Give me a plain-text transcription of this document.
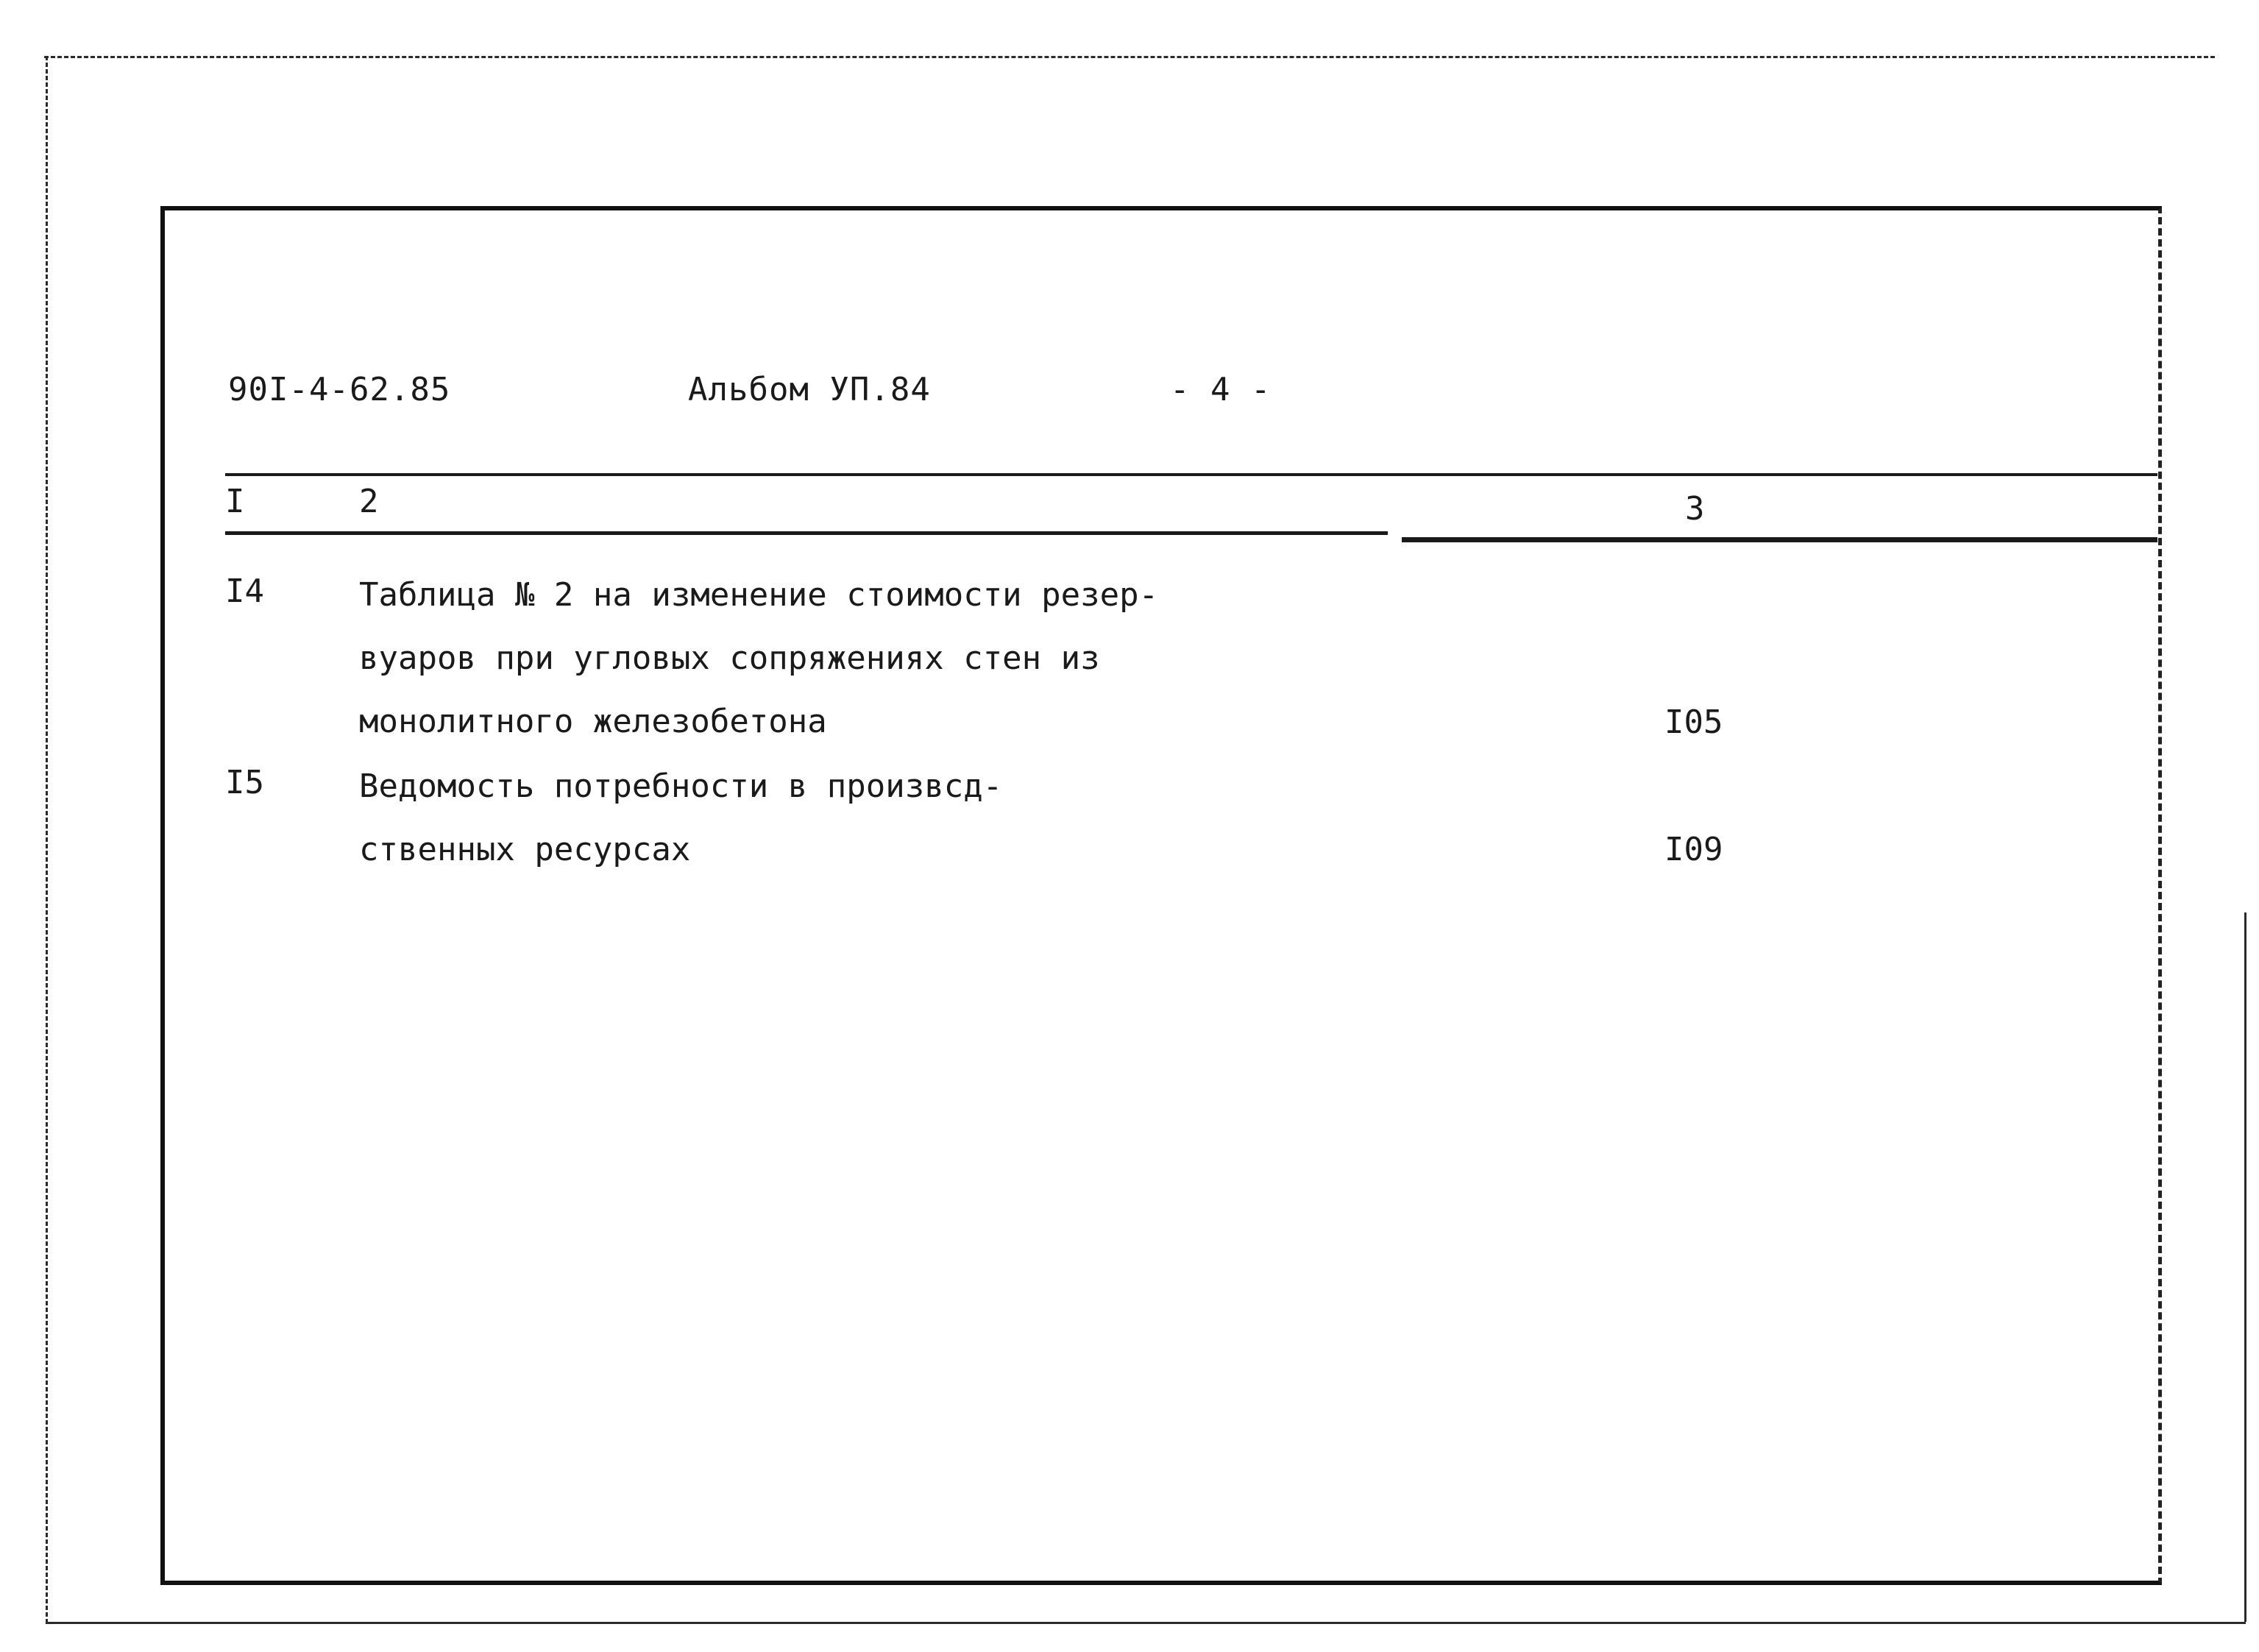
90I-4-62.85	Альбом УП.84	- 4 -
I	2	3
I4	Таблица № 2 на изменение стоимости резер-
вуаров при угловых сопряжениях стен из
монолитного железобетона	I05
I5	Ведомость потребности в произвсд-
ственных ресурсах	I09
